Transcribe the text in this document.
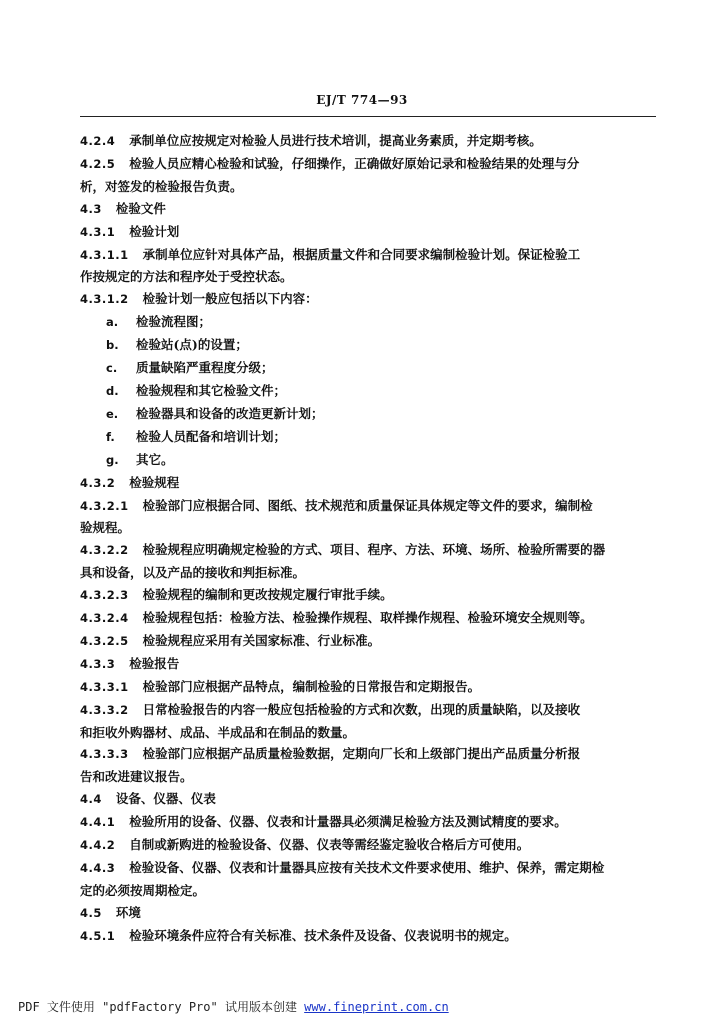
EJ/T 774—93
4.2.4 承制单位应按规定对检验人员进行技术培训，提高业务素质，并定期考核。
4.2.5 检验人员应精心检验和试验，仔细操作，正确做好原始记录和检验结果的处理与分
析，对签发的检验报告负责。
4.3 检验文件
4.3.1 检验计划
4.3.1.1 承制单位应针对具体产品，根据质量文件和合同要求编制检验计划。保证检验工
作按规定的方法和程序处于受控状态。
4.3.1.2 检验计划一般应包括以下内容：
a. 检验流程图；
b. 检验站(点)的设置；
c. 质量缺陷严重程度分级；
d. 检验规程和其它检验文件；
e. 检验器具和设备的改造更新计划；
f. 检验人员配备和培训计划；
g. 其它。
4.3.2 检验规程
4.3.2.1 检验部门应根据合同、图纸、技术规范和质量保证具体规定等文件的要求，编制检
验规程。
4.3.2.2 检验规程应明确规定检验的方式、项目、程序、方法、环境、场所、检验所需要的器
具和设备，以及产品的接收和判拒标准。
4.3.2.3 检验规程的编制和更改按规定履行审批手续。
4.3.2.4 检验规程包括：检验方法、检验操作规程、取样操作规程、检验环境安全规则等。
4.3.2.5 检验规程应采用有关国家标准、行业标准。
4.3.3 检验报告
4.3.3.1 检验部门应根据产品特点，编制检验的日常报告和定期报告。
4.3.3.2 日常检验报告的内容一般应包括检验的方式和次数，出现的质量缺陷，以及接收
和拒收外购器材、成品、半成品和在制品的数量。
4.3.3.3 检验部门应根据产品质量检验数据，定期向厂长和上级部门提出产品质量分析报
告和改进建议报告。
4.4 设备、仪器、仪表
4.4.1 检验所用的设备、仪器、仪表和计量器具必须满足检验方法及测试精度的要求。
4.4.2 自制或新购进的检验设备、仪器、仪表等需经鉴定验收合格后方可使用。
4.4.3 检验设备、仪器、仪表和计量器具应按有关技术文件要求使用、维护、保养，需定期检
定的必须按周期检定。
4.5 环境
4.5.1 检验环境条件应符合有关标准、技术条件及设备、仪表说明书的规定。
PDF 文件使用 "pdfFactory Pro" 试用版本创建 www.fineprint.com.cn
